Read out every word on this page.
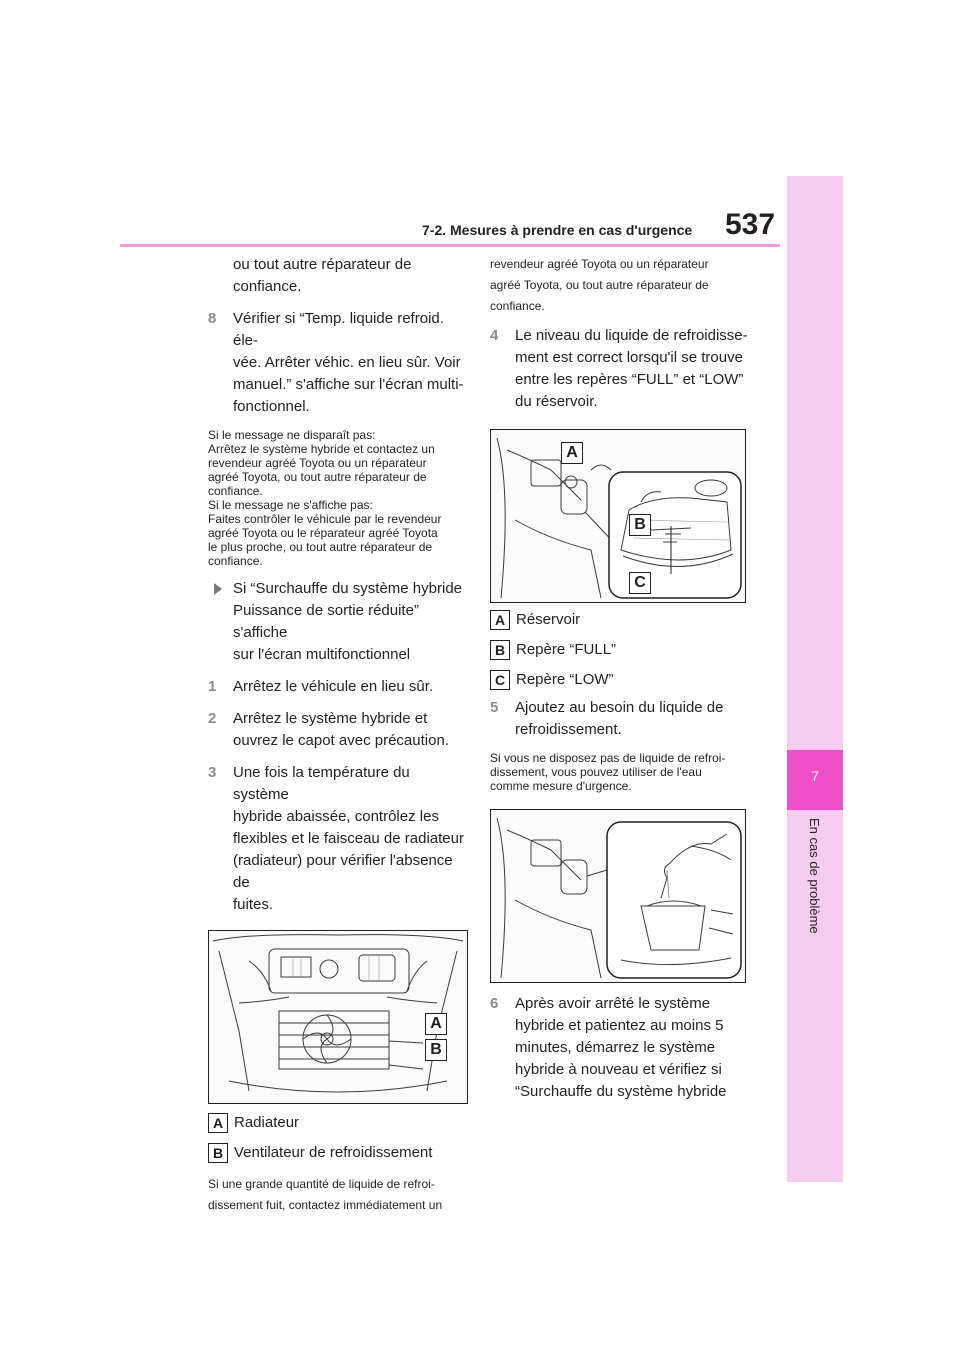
537
7-2. Mesures à prendre en cas d'urgence
7
En cas de problème

ou tout autre réparateur de

confiance.

8 Vérifier si “Temp. liquide refroid. éle-

vée. Arrêter véhic. en lieu sûr. Voir

manuel.” s'affiche sur l'écran multi-

fonctionnel.

Si le message ne disparaît pas:

Arrêtez le système hybride et contactez un

revendeur agréé Toyota ou un réparateur

agréé Toyota, ou tout autre réparateur de

confiance.

Si le message ne s'affiche pas:

Faites contrôler le véhicule par le revendeur

agréé Toyota ou le réparateur agréé Toyota

le plus proche, ou tout autre réparateur de

confiance.

Si “Surchauffe du système hybride

Puissance de sortie réduite” s'affiche

sur l'écran multifonctionnel

1 Arrêtez le véhicule en lieu sûr.

2 Arrêtez le système hybride et

ouvrez le capot avec précaution.

3 Une fois la température du système

hybride abaissée, contrôlez les

flexibles et le faisceau de radiateur

(radiateur) pour vérifier l'absence de

fuites.

A
B
A Radiateur
B Ventilateur de refroidissement

Si une grande quantité de liquide de refroi-

dissement fuit, contactez immédiatement un

revendeur agréé Toyota ou un réparateur

agréé Toyota, ou tout autre réparateur de

confiance.

4 Le niveau du liquide de refroidisse-

ment est correct lorsqu'il se trouve

entre les repères “FULL” et “LOW”

du réservoir.

A
B
C
A Réservoir
B Repère “FULL”
C Repère “LOW”
5 Ajoutez au besoin du liquide de

refroidissement.

Si vous ne disposez pas de liquide de refroi-

dissement, vous pouvez utiliser de l'eau

comme mesure d'urgence.

6 Après avoir arrêté le système

hybride et patientez au moins 5

minutes, démarrez le système

hybride à nouveau et vérifiez si

“Surchauffe du système hybride
